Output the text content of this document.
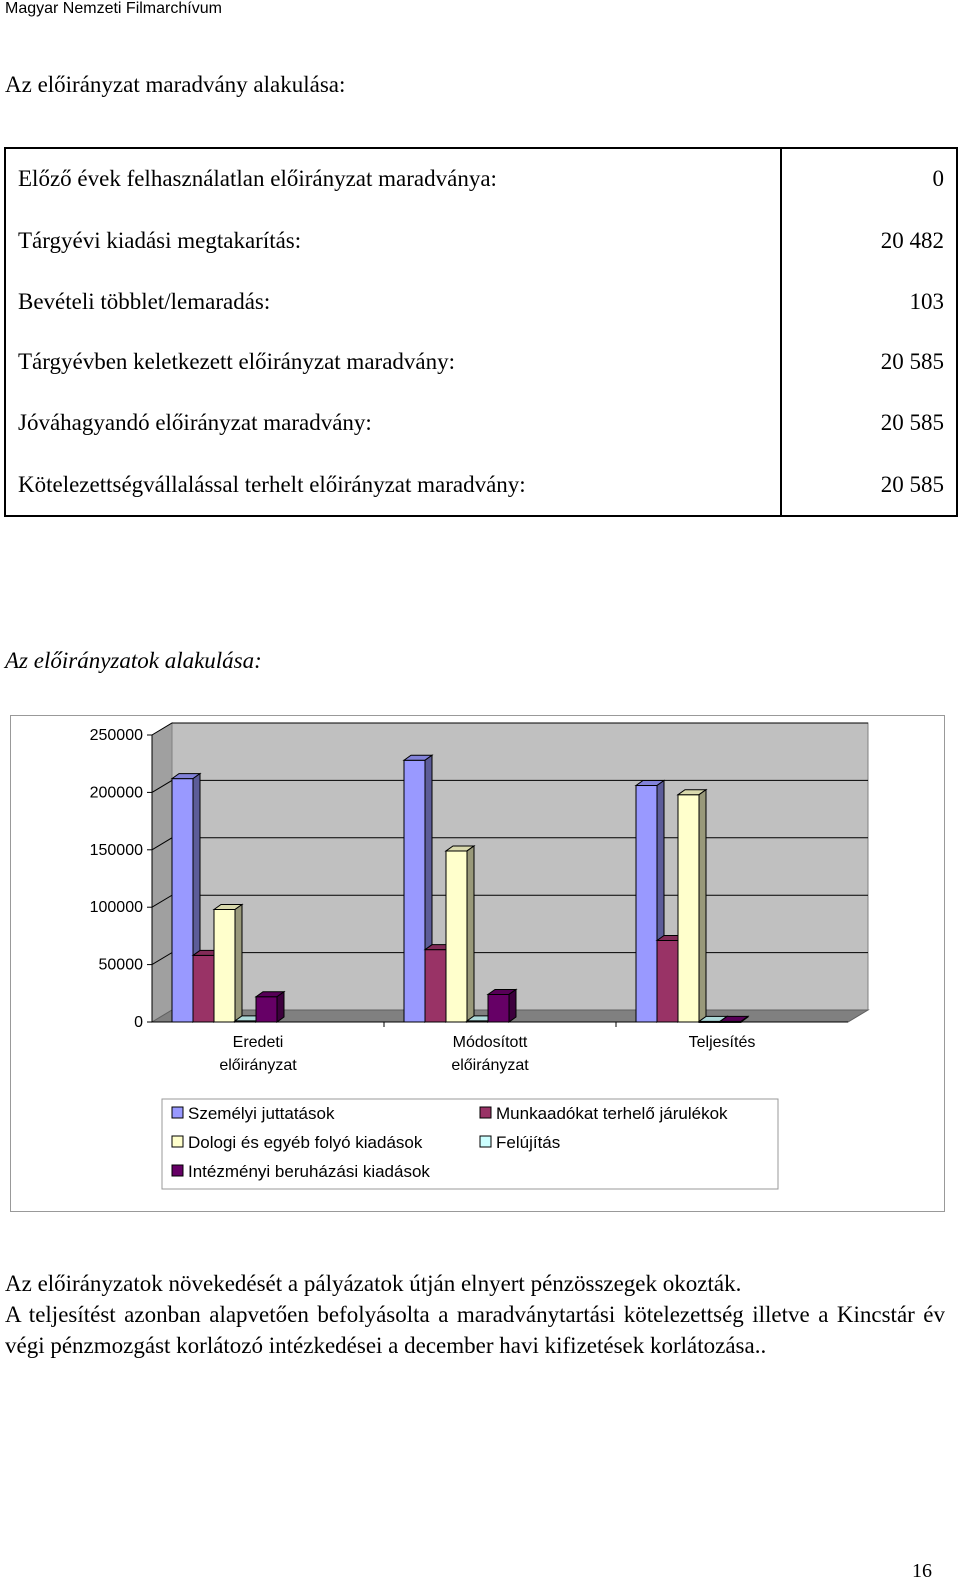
Magyar Nemzeti Filmarchívum
Az előirányzat maradvány alakulása:
Előző évek felhasználatlan előirányzat maradványa:	0
Tárgyévi kiadási megtakarítás:	20 482
Bevételi többlet/lemaradás:	103
Tárgyévben keletkezett előirányzat maradvány:	20 585
Jóváhagyandó előirányzat maradvány:	20 585
Kötelezettségvállalással terhelt előirányzat maradvány:	20 585
Az előirányzatok alakulása:
250000
200000
150000
100000
50000
0
Eredeti
előirányzat
Módosított
előirányzat
Teljesítés
Személyi juttatások	Munkaadókat terhelő járulékok
Dologi és egyéb folyó kiadások	Felújítás
Intézményi beruházási kiadások
Az előirányzatok növekedését a pályázatok útján elnyert pénzösszegek okozták.
A teljesítést azonban alapvetően befolyásolta a maradványtartási kötelezettség illetve a Kincstár év végi pénzmozgást korlátozó intézkedései a december havi kifizetések korlátozása..
16
